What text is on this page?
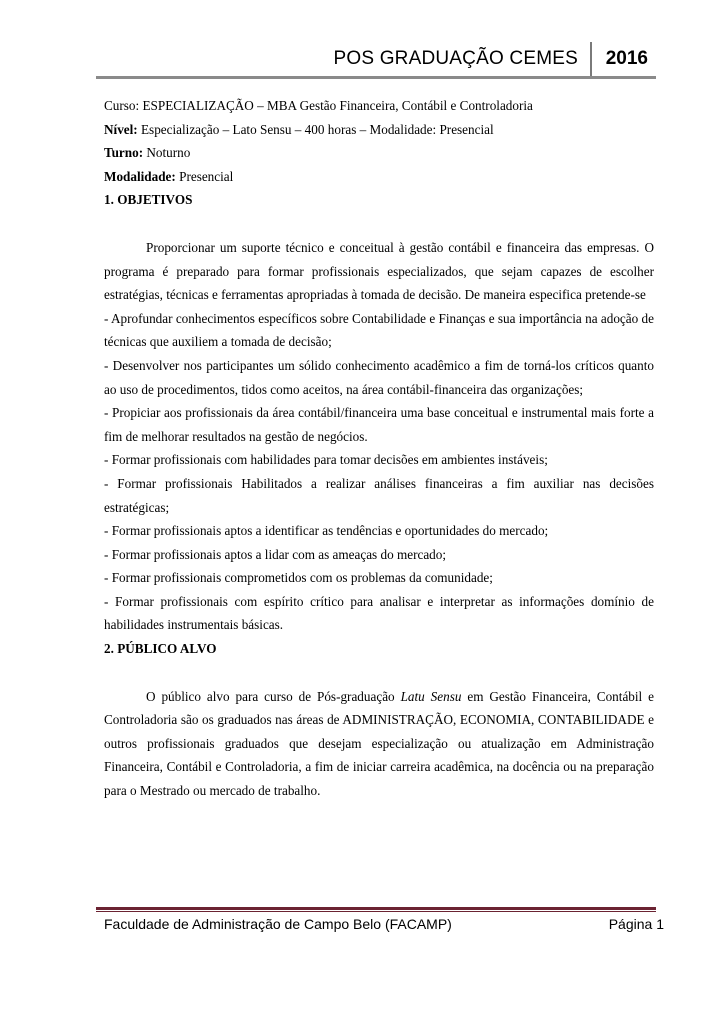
POS GRADUAÇÃO CEMES 2016
Curso: ESPECIALIZAÇÃO – MBA Gestão Financeira, Contábil e Controladoria
Nível: Especialização – Lato Sensu – 400 horas – Modalidade: Presencial
Turno: Noturno
Modalidade: Presencial
1. OBJETIVOS

Proporcionar um suporte técnico e conceitual à gestão contábil e financeira das empresas. O programa é preparado para formar profissionais especializados, que sejam capazes de escolher estratégias, técnicas e ferramentas apropriadas à tomada de decisão. De maneira especifica pretende-se

- Aprofundar conhecimentos específicos sobre Contabilidade e Finanças e sua importância na adoção de técnicas que auxiliem a tomada de decisão;
- Desenvolver nos participantes um sólido conhecimento acadêmico a fim de torná-los críticos quanto ao uso de procedimentos, tidos como aceitos, na área contábil-financeira das organizações;
- Propiciar aos profissionais da área contábil/financeira uma base conceitual e instrumental mais forte a fim de melhorar resultados na gestão de negócios.
- Formar profissionais com habilidades para tomar decisões em ambientes instáveis;
- Formar profissionais Habilitados a realizar análises financeiras a fim auxiliar nas decisões estratégicas;
- Formar profissionais aptos a identificar as tendências e oportunidades do mercado;
- Formar profissionais aptos a lidar com as ameaças do mercado;
- Formar profissionais comprometidos com os problemas da comunidade;
- Formar profissionais com espírito crítico para analisar e interpretar as informações domínio de habilidades instrumentais básicas.
2. PÚBLICO ALVO

O público alvo para curso de Pós-graduação Latu Sensu em Gestão Financeira, Contábil e Controladoria são os graduados nas áreas de ADMINISTRAÇÃO, ECONOMIA, CONTABILIDADE e outros profissionais graduados que desejam especialização ou atualização em Administração Financeira, Contábil e Controladoria, a fim de iniciar carreira acadêmica, na docência ou na preparação para o Mestrado ou mercado de trabalho.

Faculdade de Administração de Campo Belo (FACAMP)	Página 1
